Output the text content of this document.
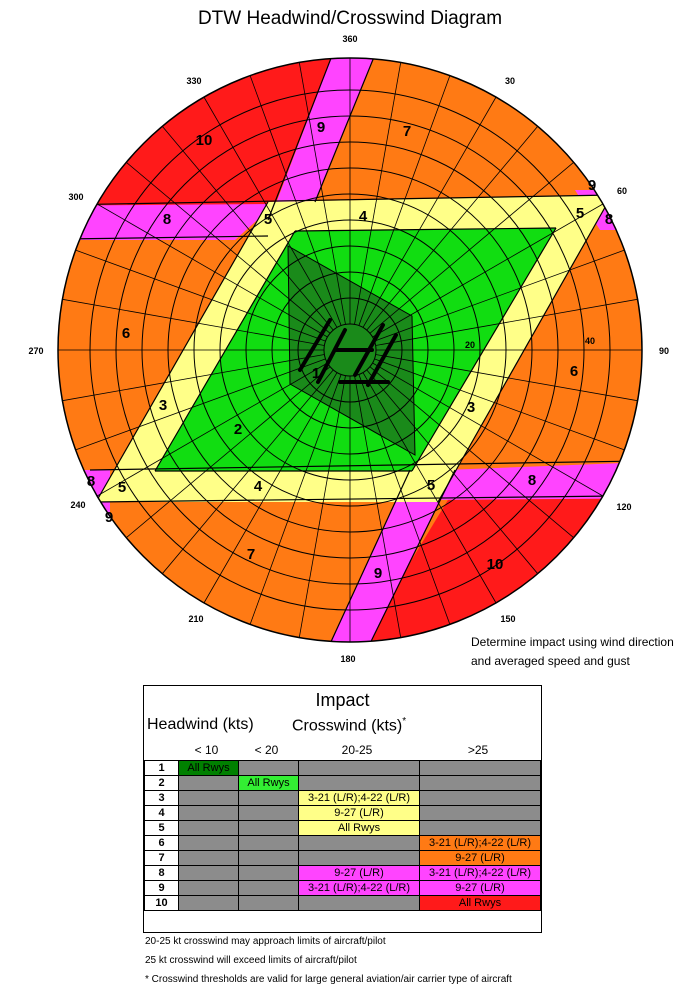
DTW Headwind/Crosswind Diagram
360
30
60
90
120
150
180
210
240
270
300
330
20	40
1
2
3	3
4
4
5	5
5	5
6
6
7
7
8	8
8	8
9
9
9
9
10
10
Determine impact using wind direction
and averaged speed and gust
Impact
Headwind (kts) Crosswind (kts)*
< 10	< 20	20-25	>25
1	All Rwys			
2		All Rwys		
3			3-21 (L/R);4-22 (L/R)	
4			9-27 (L/R)	
5			All Rwys	
6				3-21 (L/R);4-22 (L/R)
7				9-27 (L/R)
8			9-27 (L/R)	3-21 (L/R);4-22 (L/R)
9			3-21 (L/R);4-22 (L/R)	9-27 (L/R)
10				All Rwys
20-25 kt crosswind may approach limits of aircraft/pilot
25 kt crosswind will exceed limits of aircraft/pilot
* Crosswind thresholds are valid for large general aviation/air carrier type of aircraft
